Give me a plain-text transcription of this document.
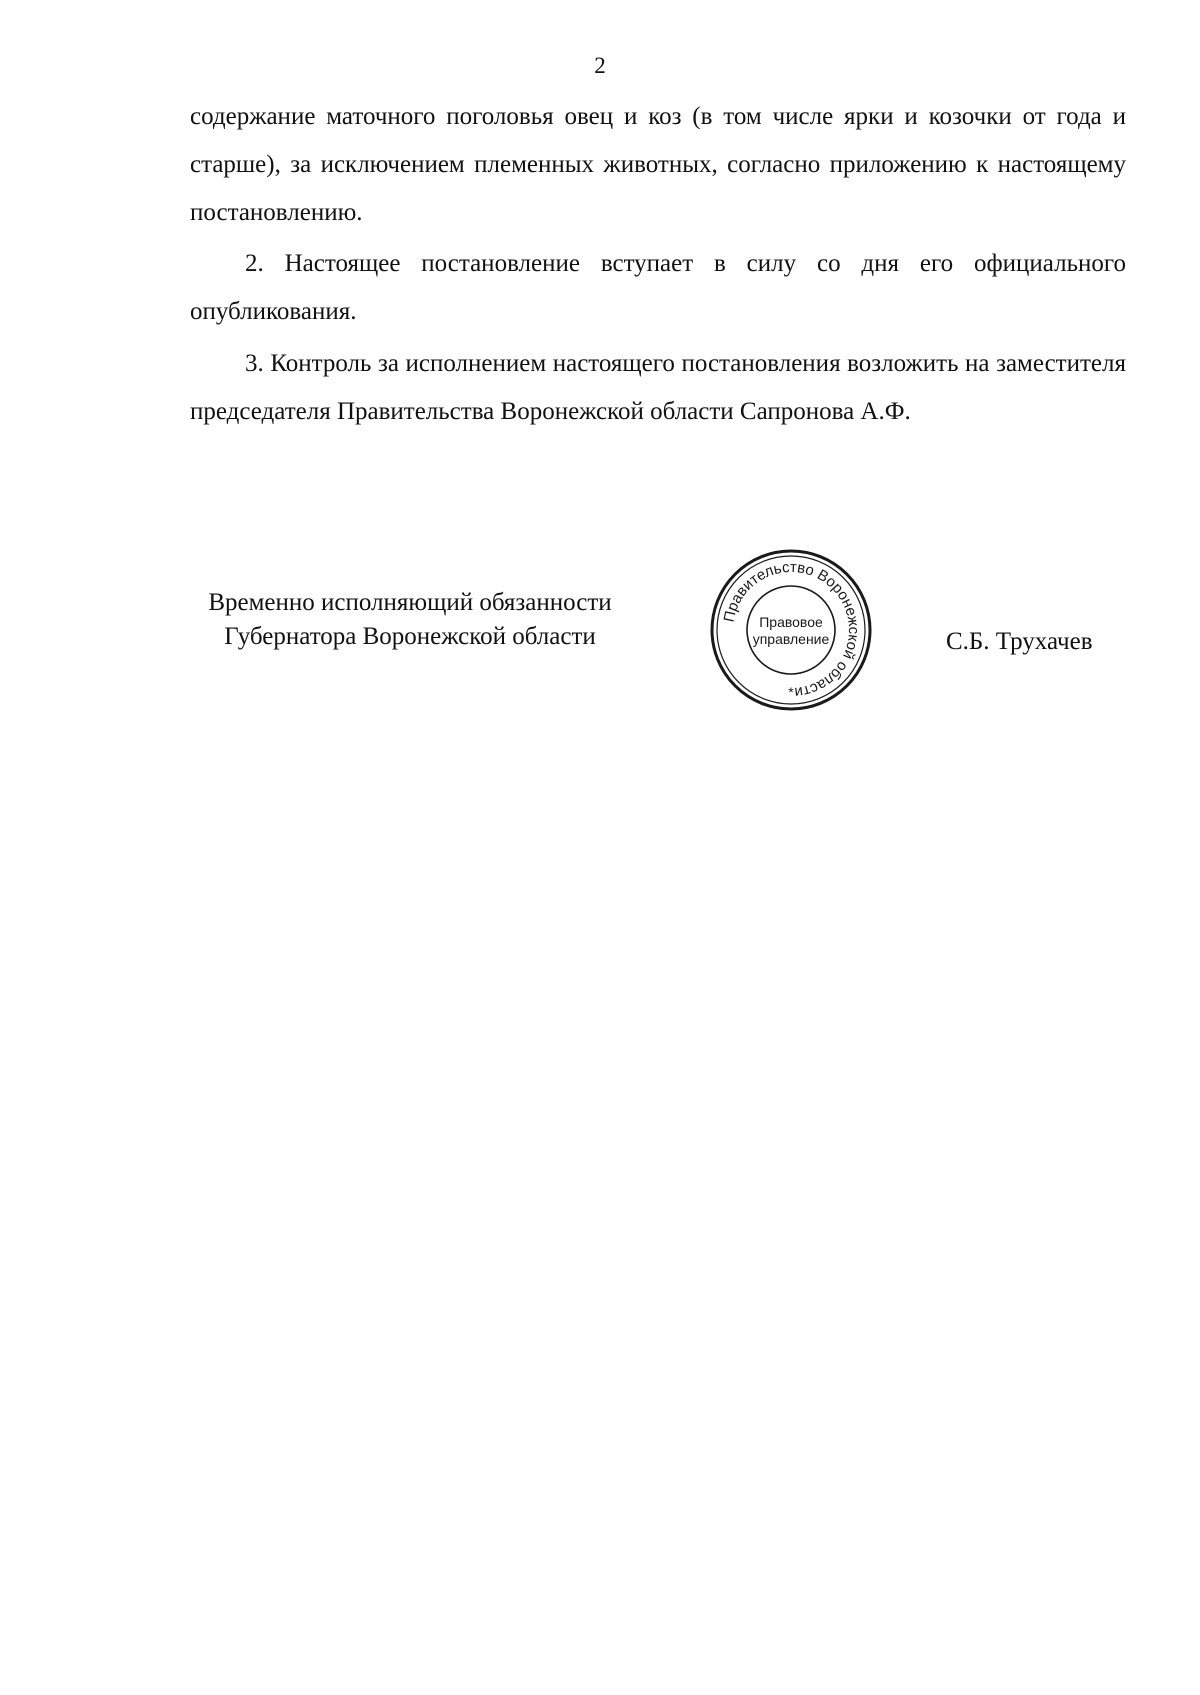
2

содержание маточного поголовья овец и коз (в том числе ярки и козочки от года и старше), за исключением племенных животных, согласно приложению к настоящему постановлению.

2. Настоящее постановление вступает в силу со дня его официального опубликования.

3. Контроль за исполнением настоящего постановления возложить на заместителя председателя Правительства Воронежской области Сапронова А.Ф.

Временно исполняющий обязанности
Губернатора Воронежской области
Правительство Воронежской области
Правовое
управление
*
С.Б. Трухачев
